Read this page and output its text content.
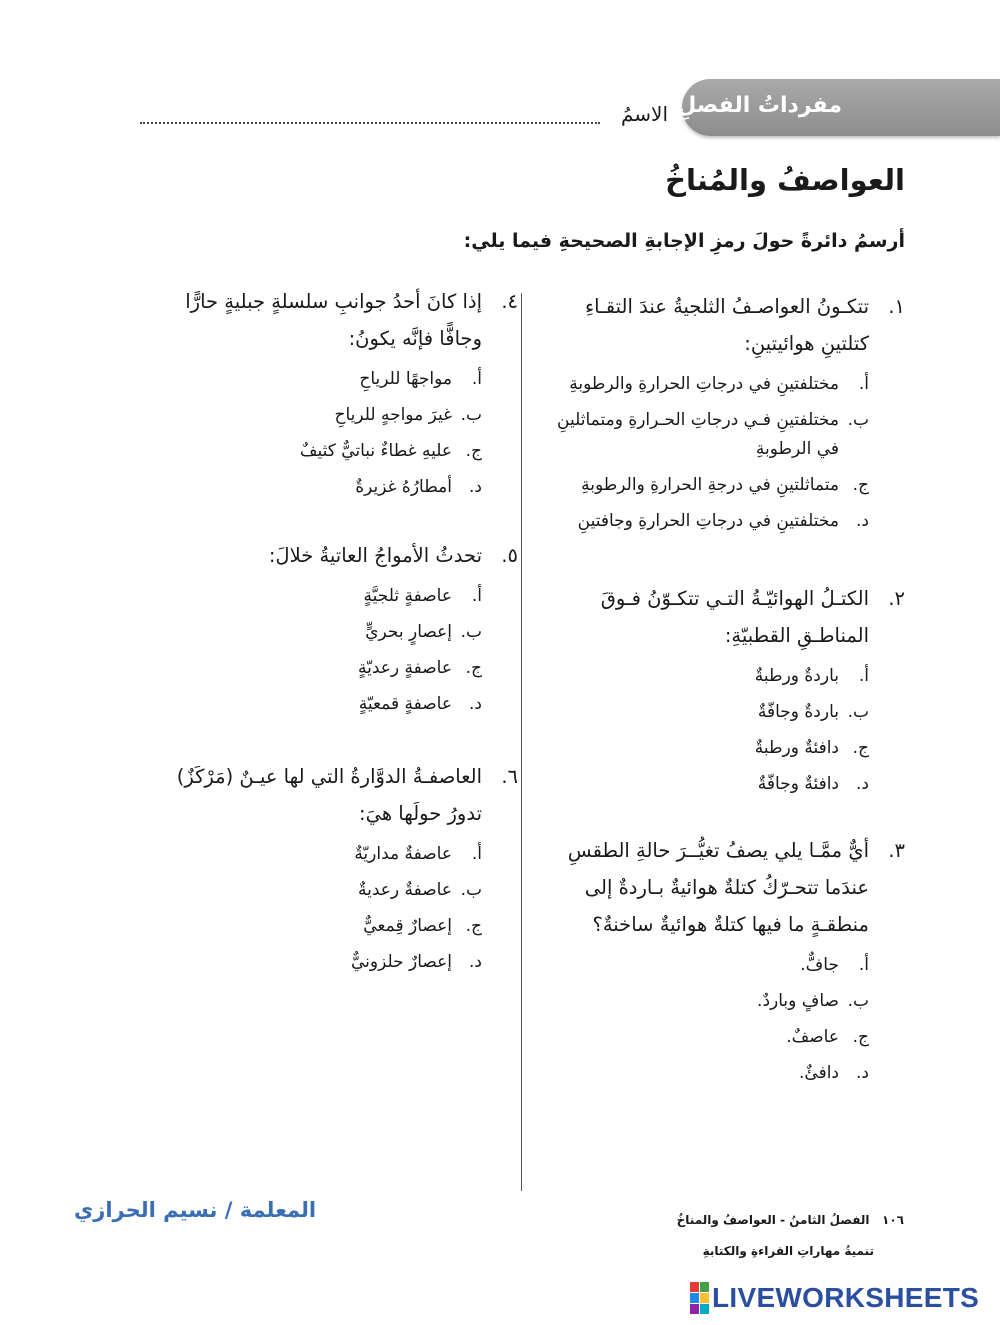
مفرداتُ الفصلِ
الاسمُ
العواصفُ والمُناخُ
أرسمُ دائرةً حولَ رمزِ الإجابةِ الصحيحةِ فيما يلي:
١.
تتكـونُ العواصـفُ الثلجيةُ عندَ التقـاءِ كتلتينِ هوائيتينِ:
أ.
مختلفتينِ في درجاتِ الحرارةِ والرطوبةِ
ب.
مختلفتينِ فـي درجاتِ الحـرارةِ ومتماثلينِ في الرطوبةِ
ج.
متماثلتينِ في درجةِ الحرارةِ والرطوبةِ
د.
مختلفتينِ في درجاتِ الحرارةِ وجافتينِ
٢.
الكتـلُ الهوائيّـةُ التـي تتكـوّنُ فـوقَ المناطـقِ القطبيّةِ:
أ.
باردةٌ ورطبةٌ
ب.
باردةٌ وجافّةٌ
ج.
دافئةٌ ورطبةٌ
د.
دافئةٌ وجافّةٌ
٣.
أيٌّ ممَّـا يلي يصفُ تغيُّــرَ حالةِ الطقسِ عندَما تتحـرّكُ كتلةٌ هوائيةٌ بـاردةٌ إلى منطقـةٍ ما فيها كتلةٌ هوائيةٌ ساخنةٌ؟
أ.
جافٌّ.
ب.
صافٍ وباردٌ.
ج.
عاصفٌ.
د.
دافئٌ.
٤.
إذا كانَ أحدُ جوانبِ سلسلةٍ جبليةٍ حارًّا وجافًّا فإنَّه يكونُ:
أ.
مواجهًا للرياحِ
ب.
غيرَ مواجهٍ للرياحِ
ج.
عليهِ غطاءٌ نباتيٌّ كثيفٌ
د.
أمطارُهُ غزيرةٌ
٥.
تحدثُ الأمواجُ العاتيةُ خلالَ:
أ.
عاصفةٍ ثلجيَّةٍ
ب.
إعصارٍ بحريٍّ
ج.
عاصفةٍ رعديّةٍ
د.
عاصفةٍ قمعيّةٍ
٦.
العاصفـةُ الدوَّارةُ التي لها عيـنٌ (مَرْكَزٌ) تدورُ حولَها هيَ:
أ.
عاصفةٌ مداريّةٌ
ب.
عاصفةٌ رعديةٌ
ج.
إعصارٌ قِمعيٌّ
د.
إعصارٌ حلزونيٌّ
المعلمة / نسيم الحرازي	١٠٦   الفصلُ الثامنُ - العواصفُ والمناخُ
تنميةُ مهاراتِ القراءةِ والكتابةِ
LIVEWORKSHEETS
